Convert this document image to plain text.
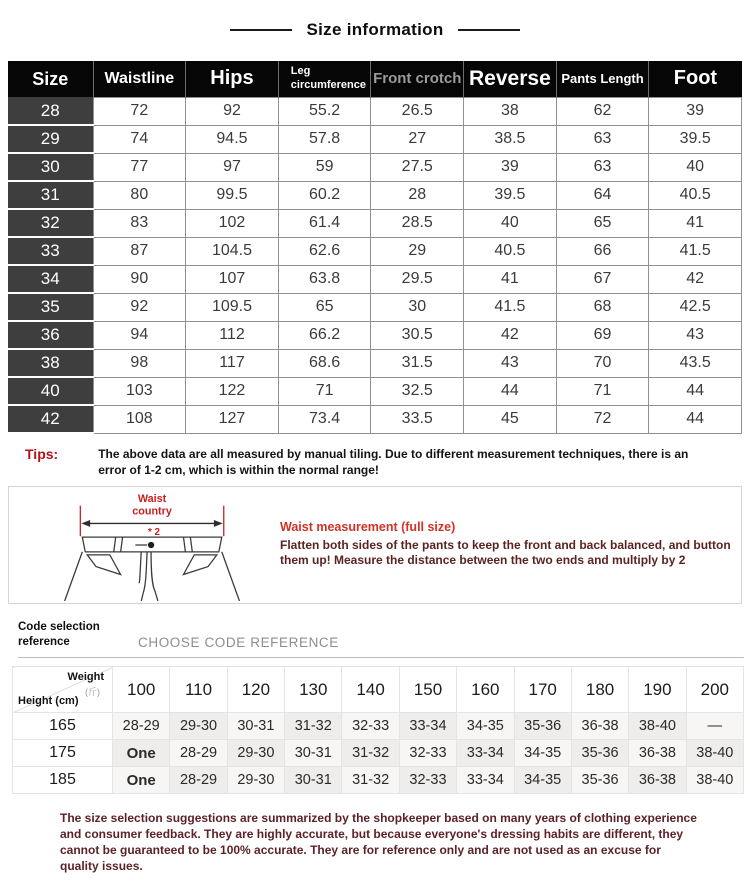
Size information
Size	Waistline	Hips	Leg
circumference	Front crotch	Reverse	Pants Length	Foot
28	72	92	55.2	26.5	38	62	39
29	74	94.5	57.8	27	38.5	63	39.5
30	77	97	59	27.5	39	63	40
31	80	99.5	60.2	28	39.5	64	40.5
32	83	102	61.4	28.5	40	65	41
33	87	104.5	62.6	29	40.5	66	41.5
34	90	107	63.8	29.5	41	67	42
35	92	109.5	65	30	41.5	68	42.5
36	94	112	66.2	30.5	42	69	43
38	98	117	68.6	31.5	43	70	43.5
40	103	122	71	32.5	44	71	44
42	108	127	73.4	33.5	45	72	44
Tips:	The above data are all measured by manual tiling. Due to different measurement techniques, there is an error of 1-2 cm, which is within the normal range!

Waist
country
* 2	Waist measurement (full size)

Flatten both sides of the pants to keep the front and back balanced, and button them up! Measure the distance between the two ends and multiply by 2

Code selection reference	CHOOSE CODE REFERENCE
Weight
(斤)
Height (cm)	100	110	120	130	140	150	160	170	180	190	200
165	28-29	29-30	30-31	31-32	32-33	33-34	34-35	35-36	36-38	38-40	—
175	One	28-29	29-30	30-31	31-32	32-33	33-34	34-35	35-36	36-38	38-40
185	One	28-29	29-30	30-31	31-32	32-33	33-34	34-35	35-36	36-38	38-40

The size selection suggestions are summarized by the shopkeeper based on many years of clothing experience and consumer feedback. They are highly accurate, but because everyone's dressing habits are different, they cannot be guaranteed to be 100% accurate. They are for reference only and are not used as an excuse for quality issues.
